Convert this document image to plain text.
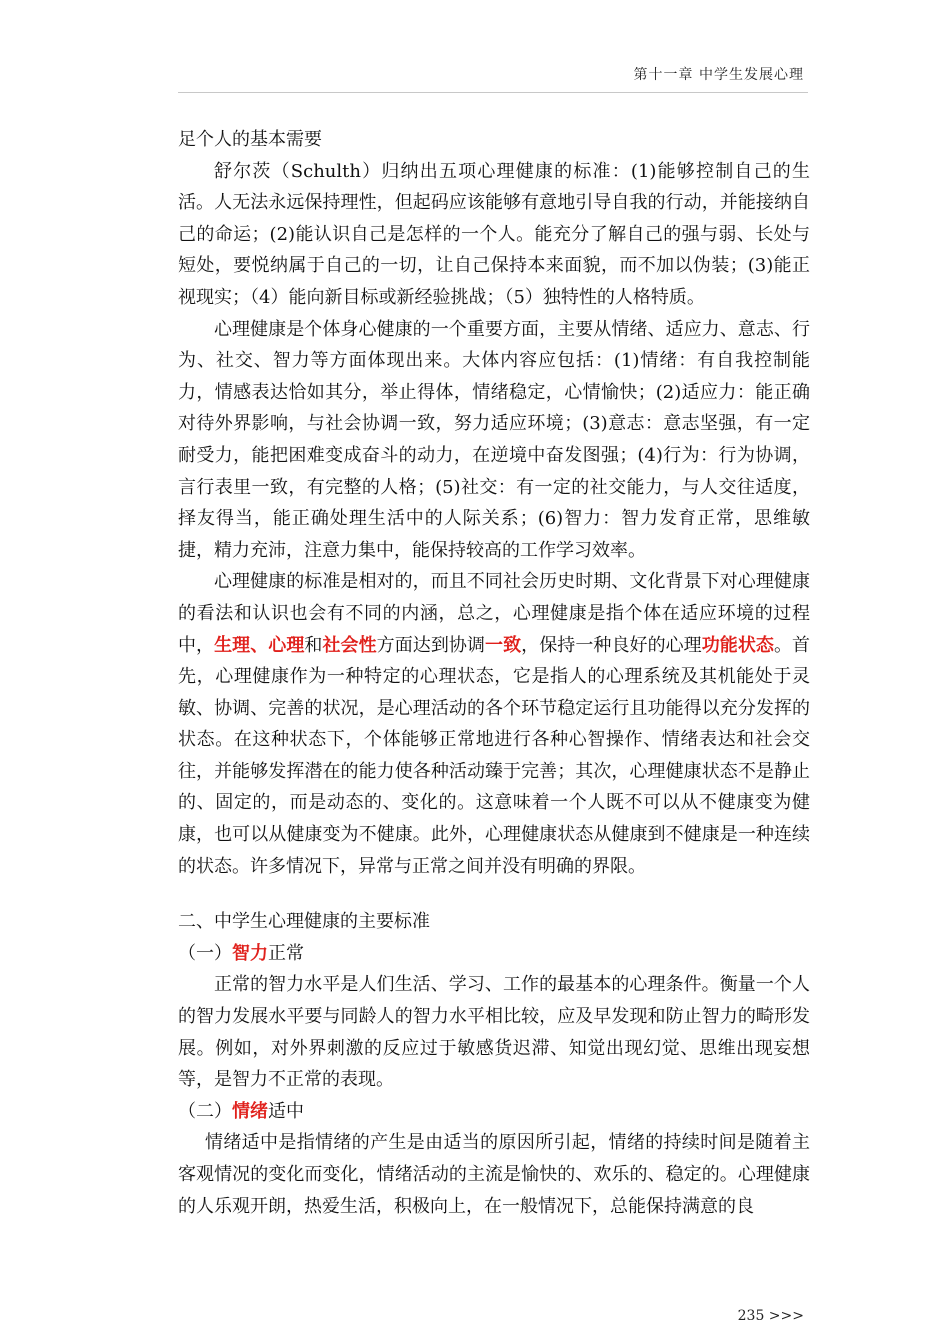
第十一章 中学生发展心理

足个人的基本需要

舒尔茨（Schulth）归纳出五项心理健康的标准：(1)能够控制自己的生活。人无法永远保持理性，但起码应该能够有意地引导自我的行动，并能接纳自己的命运；(2)能认识自己是怎样的一个人。能充分了解自己的强与弱、长处与短处，要悦纳属于自己的一切，让自己保持本来面貌，而不加以伪装；(3)能正视现实；（4）能向新目标或新经验挑战；（5）独特性的人格特质。

心理健康是个体身心健康的一个重要方面，主要从情绪、适应力、意志、行为、社交、智力等方面体现出来。大体内容应包括：(1)情绪：有自我控制能力，情感表达恰如其分，举止得体，情绪稳定，心情愉快；(2)适应力：能正确对待外界影响，与社会协调一致，努力适应环境；(3)意志：意志坚强，有一定耐受力，能把困难变成奋斗的动力，在逆境中奋发图强；(4)行为：行为协调，言行表里一致，有完整的人格；(5)社交：有一定的社交能力，与人交往适度，择友得当，能正确处理生活中的人际关系；(6)智力：智力发育正常，思维敏捷，精力充沛，注意力集中，能保持较高的工作学习效率。

心理健康的标准是相对的，而且不同社会历史时期、文化背景下对心理健康的看法和认识也会有不同的内涵，总之，心理健康是指个体在适应环境的过程中，生理、心理和社会性方面达到协调一致，保持一种良好的心理功能状态。首先，心理健康作为一种特定的心理状态，它是指人的心理系统及其机能处于灵敏、协调、完善的状况，是心理活动的各个环节稳定运行且功能得以充分发挥的状态。在这种状态下，个体能够正常地进行各种心智操作、情绪表达和社会交往，并能够发挥潜在的能力使各种活动臻于完善；其次，心理健康状态不是静止的、固定的，而是动态的、变化的。这意味着一个人既不可以从不健康变为健康，也可以从健康变为不健康。此外，心理健康状态从健康到不健康是一种连续的状态。许多情况下，异常与正常之间并没有明确的界限。

二、中学生心理健康的主要标准

（一）智力正常

正常的智力水平是人们生活、学习、工作的最基本的心理条件。衡量一个人的智力发展水平要与同龄人的智力水平相比较，应及早发现和防止智力的畸形发展。例如，对外界刺激的反应过于敏感货迟滞、知觉出现幻觉、思维出现妄想等，是智力不正常的表现。

（二）情绪适中

情绪适中是指情绪的产生是由适当的原因所引起，情绪的持续时间是随着主客观情况的变化而变化，情绪活动的主流是愉快的、欢乐的、稳定的。心理健康的人乐观开朗，热爱生活，积极向上，在一般情况下，总能保持满意的良

235 >>>
